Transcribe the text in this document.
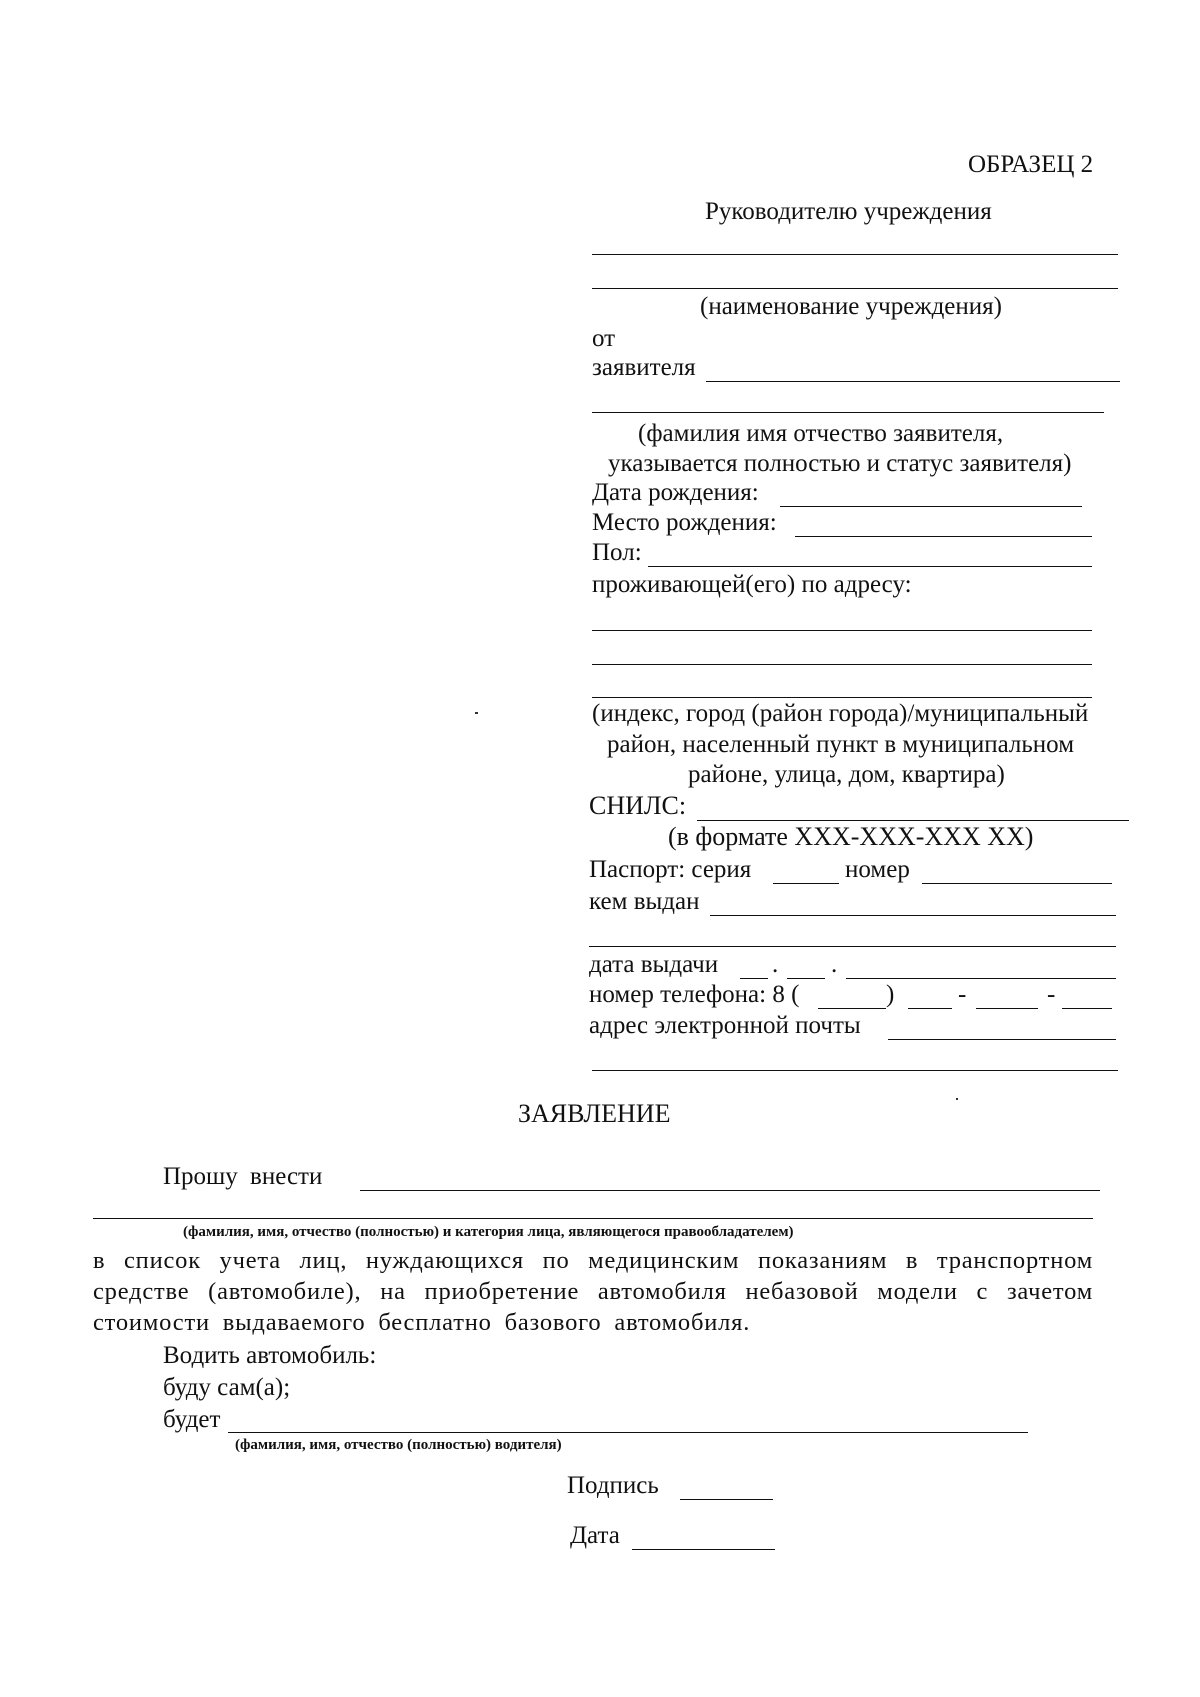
ОБРАЗЕЦ 2
Руководителю учреждения
(наименование учреждения)
от
заявителя
(фамилия имя отчество заявителя,
указывается полностью и статус заявителя)
Дата рождения:
Место рождения:
Пол:
проживающей(его) по адресу:
(индекс, город (район города)/муниципальный
район, населенный пункт в муниципальном
районе, улица, дом, квартира)
СНИЛС:
(в формате XXX-XXX-XXX XX)
Паспорт: серия	номер
кем выдан
дата выдачи . .
номер телефона: 8 (	)	-	-
адрес электронной почты
ЗАЯВЛЕНИЕ
Прошу внести
(фамилия, имя, отчество (полностью) и категория лица, являющегося правообладателем)
в список учета лиц, нуждающихся по медицинским показаниям в транспортном средстве (автомобиле), на приобретение автомобиля небазовой модели с зачетом стоимости выдаваемого бесплатно базового автомобиля.
Водить автомобиль:
буду сам(а);
будет
(фамилия, имя, отчество (полностью) водителя)
Подпись
Дата
